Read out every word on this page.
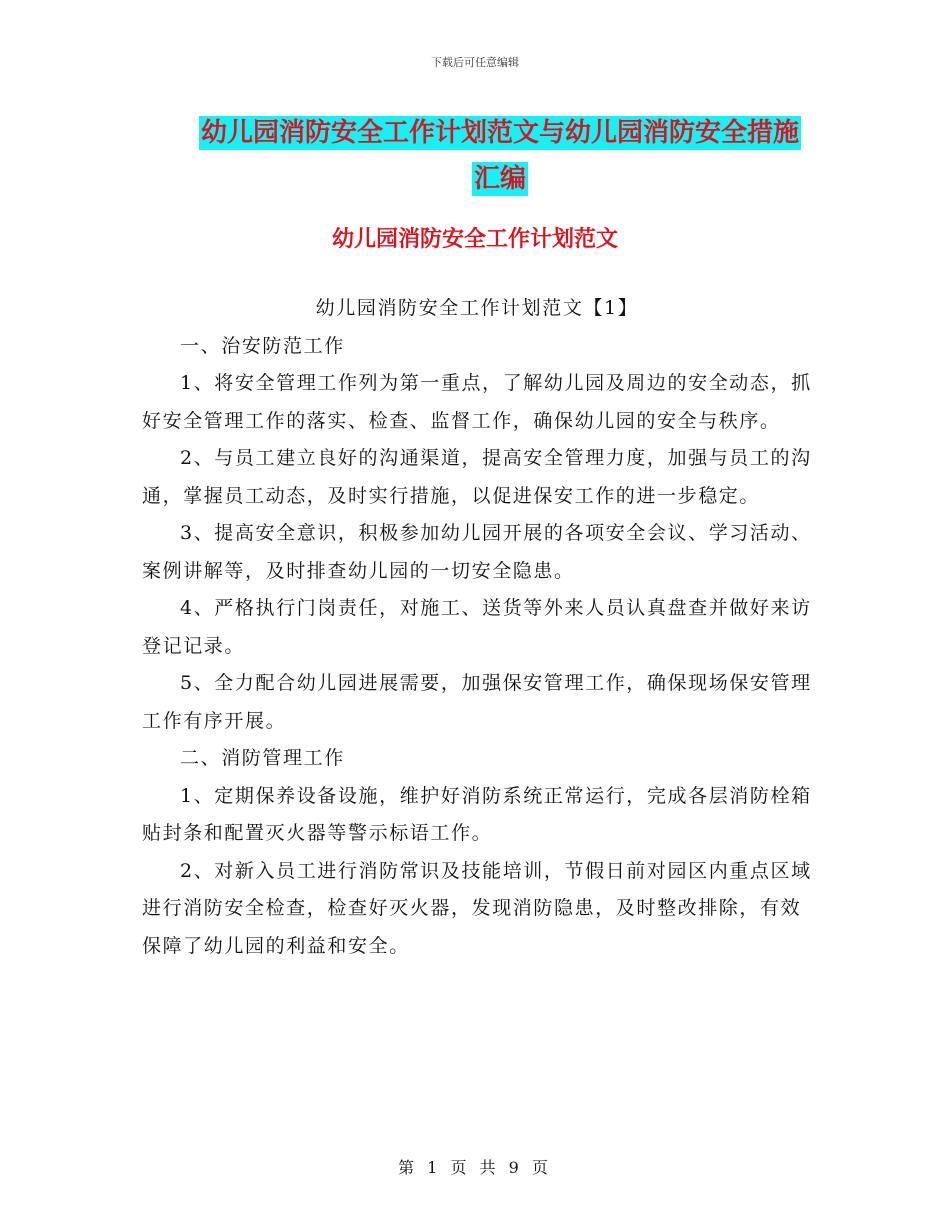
下载后可任意编辑
幼儿园消防安全工作计划范文与幼儿园消防安全措施
汇编
幼儿园消防安全工作计划范文

幼儿园消防安全工作计划范文【1】

一、治安防范工作

1、将安全管理工作列为第一重点，了解幼儿园及周边的安全动态，抓好安全管理工作的落实、检查、监督工作，确保幼儿园的安全与秩序。

2、与员工建立良好的沟通渠道，提高安全管理力度，加强与员工的沟通，掌握员工动态，及时实行措施，以促进保安工作的进一步稳定。

3、提高安全意识，积极参加幼儿园开展的各项安全会议、学习活动、案例讲解等，及时排查幼儿园的一切安全隐患。

4、严格执行门岗责任，对施工、送货等外来人员认真盘查并做好来访登记记录。

5、全力配合幼儿园进展需要，加强保安管理工作，确保现场保安管理工作有序开展。

二、消防管理工作

1、定期保养设备设施，维护好消防系统正常运行，完成各层消防栓箱贴封条和配置灭火器等警示标语工作。

2、对新入员工进行消防常识及技能培训，节假日前对园区内重点区域进行消防安全检查，检查好灭火器，发现消防隐患，及时整改排除，有效保障了幼儿园的利益和安全。

第 1 页 共 9 页
